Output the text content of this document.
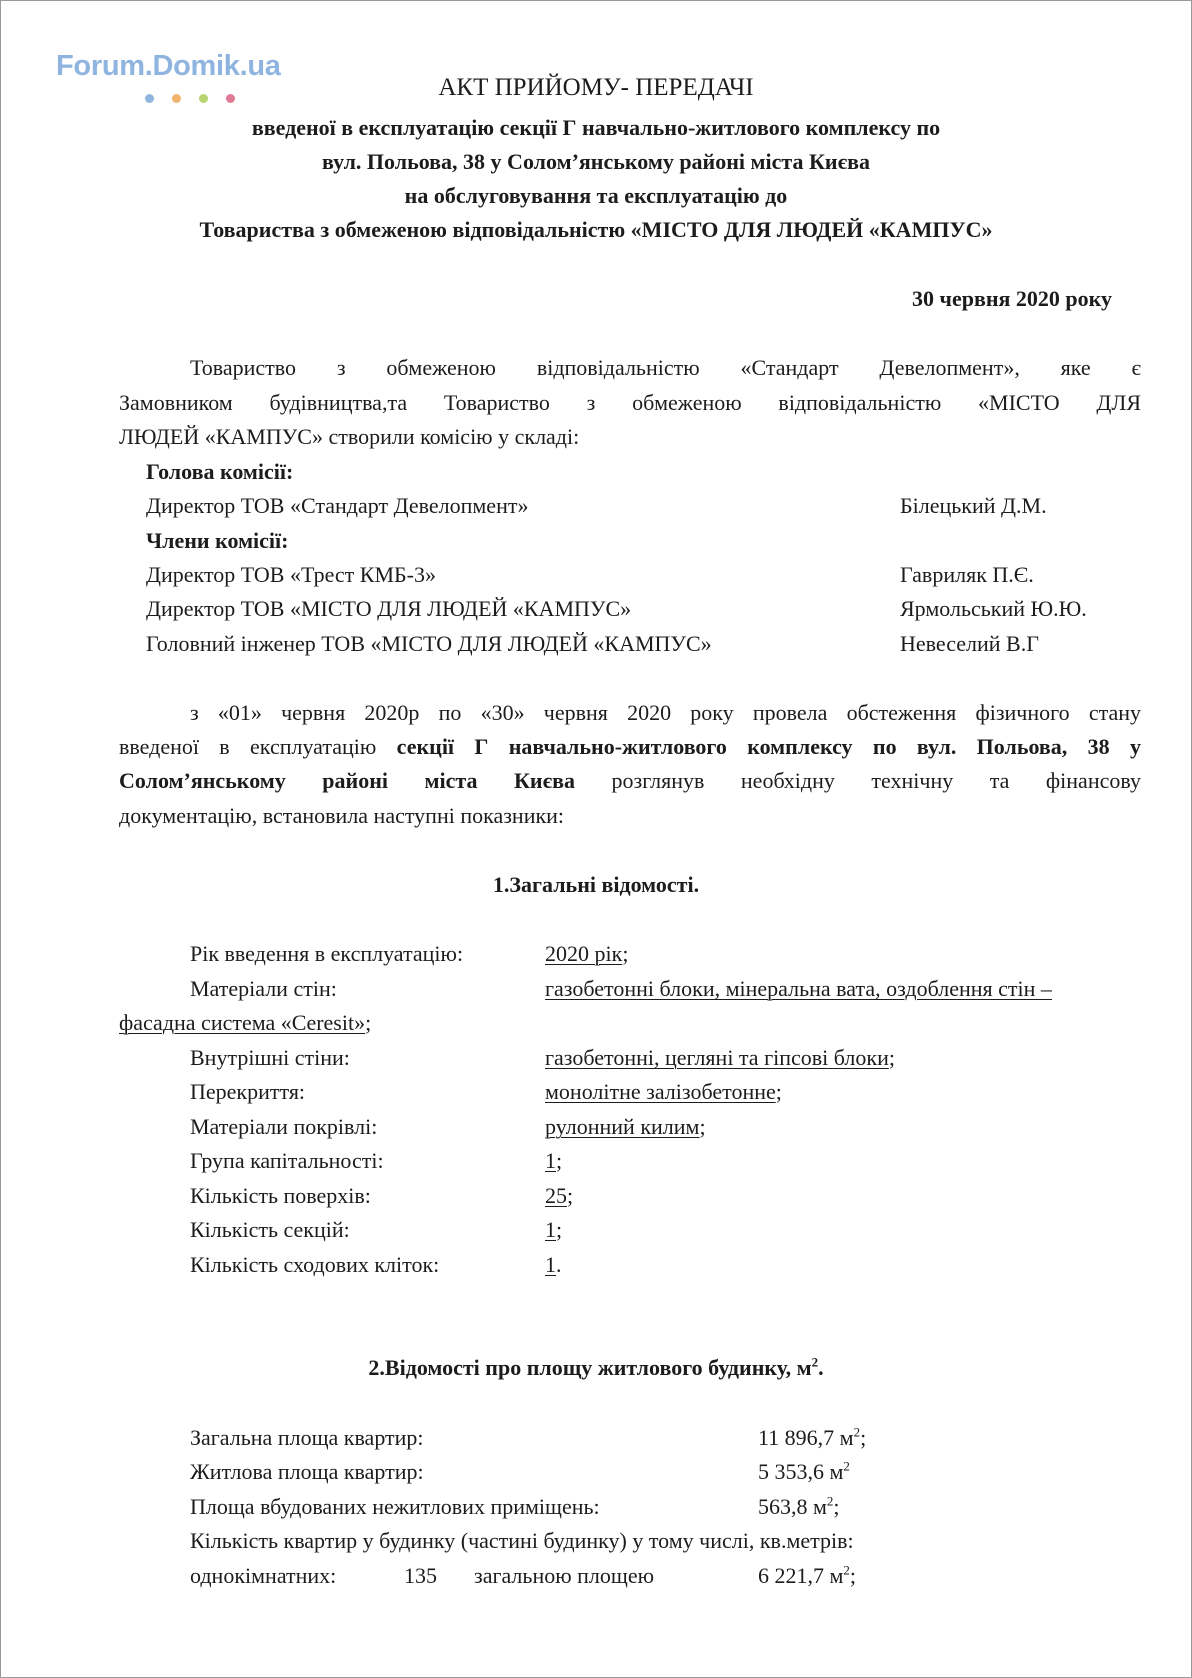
Forum.Domik.ua
АКТ ПРИЙОМУ- ПЕРЕДАЧІ
введеної в експлуатацію секції Г навчально-житлового комплексу по
вул. Польова, 38 у Солом’янському районі міста Києва
на обслуговування та експлуатацію до
Товариства з обмеженою відповідальністю «МІСТО ДЛЯ ЛЮДЕЙ «КАМПУС»
30 червня 2020 року
Товариство з обмеженою відповідальністю «Стандарт Девелопмент», яке є
Замовником будівництва,та Товариство з обмеженою відповідальністю «МІСТО ДЛЯ
ЛЮДЕЙ «КАМПУС» створили комісію у складі:
Голова комісії:
Директор ТОВ «Стандарт Девелопмент»	Білецький Д.М.
Члени комісії:
Директор ТОВ «Трест КМБ-3»	Гавриляк П.Є.
Директор ТОВ «МІСТО ДЛЯ ЛЮДЕЙ «КАМПУС»	Ярмольський Ю.Ю.
Головний інженер ТОВ «МІСТО ДЛЯ ЛЮДЕЙ «КАМПУС»	Невеселий В.Г
з «01» червня 2020р по «30» червня 2020 року провела обстеження фізичного стану
введеної в експлуатацію секції Г навчально-житлового комплексу по вул. Польова, 38 у
Солом’янському районі міста Києва розглянув необхідну технічну та фінансову
документацію, встановила наступні показники:
1.Загальні відомості.
Рік введення в експлуатацію:	2020 рік;
Матеріали стін:	газобетонні блоки, мінеральна вата, оздоблення стін –
фасадна система «Ceresit»;
Внутрішні стіни:	газобетонні, цегляні та гіпсові блоки;
Перекриття:	монолітне залізобетонне;
Матеріали покрівлі:	рулонний килим;
Група капітальності:	1;
Кількість поверхів:	25;
Кількість секцій:	1;
Кількість сходових кліток:	1.
2.Відомості про площу житлового будинку, $м^2$.
Загальна площа квартир:	11 896,7 $м^2$;
Житлова площа квартир:	5 353,6 $м^2$
Площа вбудованих нежитлових приміщень:	563,8 $м^2$;
Кількість квартир у будинку (частині будинку) у тому числі, кв.метрів:
однокімнатних:	135 загальною площею	6 221,7 $м^2$;
